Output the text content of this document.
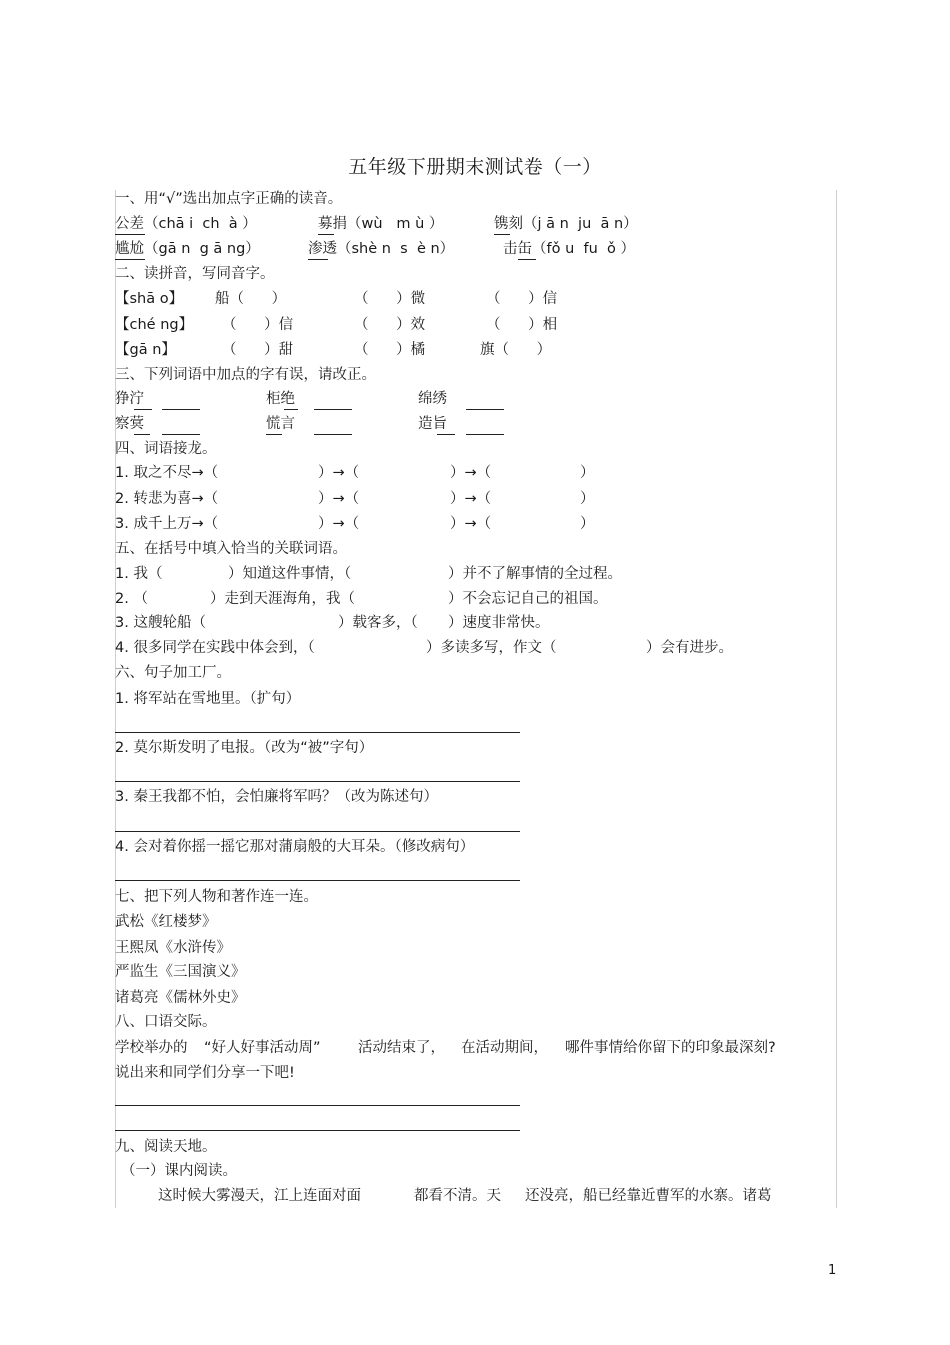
五年级下册期末测试卷（一）
一、用“√”选出加点字正确的读音。
公差（chā i  ch  à ）	募捐（wù   m ù ）	镌刻（j ā n  ju  ā n）
尴尬（gā n  g ā ng）	渗透（shè n  s  è n）	击缶（fǒ u  fu  ǒ ）
二、读拼音，写同音字。
【shā o】 船（      ）	（      ）微	（      ）信
【ché ng】 （      ）信	（      ）效	（      ）相
【gā n】	（      ）甜	（      ）橘	旗（      ）
三、下列词语中加点的字有误，请改正。
狰泞	柜绝	绵绣
察蓂	慌言	造旨
四、词语接龙。
1. 取之不尽→（	）→（	）→（	）
2. 转悲为喜→（	）→（	）→（	）
3. 成千上万→（	）→（	）→（	）
五、在括号中填入恰当的关联词语。
1. 我（	）知道这件事情，（	）并不了解事情的全过程。
2. （	）走到天涯海角，我（	）不会忘记自己的祖国。
3. 这艘轮船（	）载客多，（ ）速度非常快。
4. 很多同学在实践中体会到，（	）多读多写，作文（	）会有进步。
六、句子加工厂。
1. 将军站在雪地里。（扩句）
2. 莫尔斯发明了电报。（改为“被”字句）
3. 秦王我都不怕，会怕廉将军吗？（改为陈述句）
4. 会对着你摇一摇它那对蒲扇般的大耳朵。（修改病句）
七、把下列人物和著作连一连。
武松《红楼梦》
王熙凤《水浒传》
严监生《三国演义》
诸葛亮《儒林外史》
八、口语交际。
学校举办的 “好人好事活动周”	活动结束了， 在活动期间， 哪件事情给你留下的印象最深刻?
说出来和同学们分享一下吧!
九、阅读天地。
（一）课内阅读。
这时候大雾漫天，江上连面对面	都看不清。天 还没亮，船已经靠近曹军的水寨。诸葛
1
